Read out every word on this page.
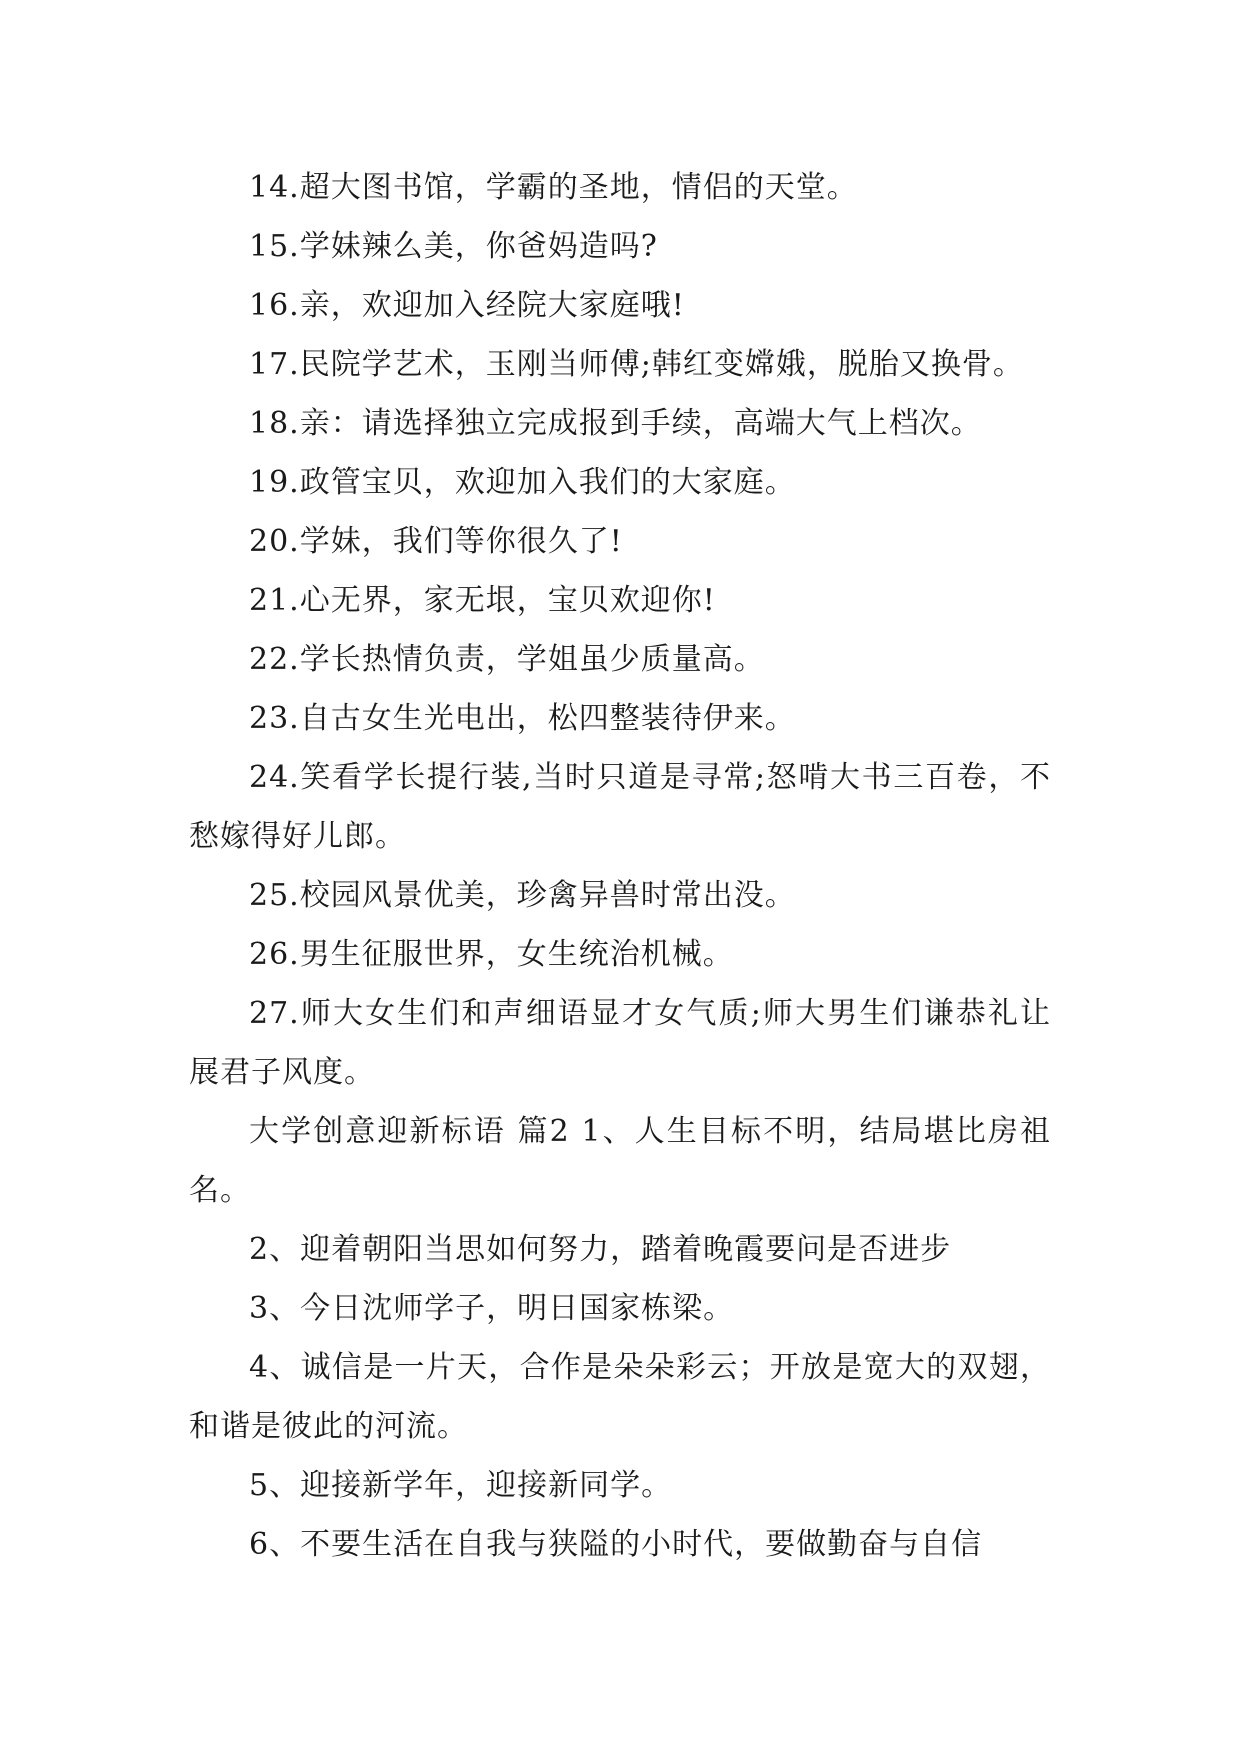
14.超大图书馆，学霸的圣地，情侣的天堂。

15.学妹辣么美，你爸妈造吗?

16.亲，欢迎加入经院大家庭哦!

17.民院学艺术，玉刚当师傅;韩红变嫦娥，脱胎又换骨。

18.亲：请选择独立完成报到手续，高端大气上档次。

19.政管宝贝，欢迎加入我们的大家庭。

20.学妹，我们等你很久了!

21.心无界，家无垠，宝贝欢迎你!

22.学长热情负责，学姐虽少质量高。

23.自古女生光电出，松四整装待伊来。

24.笑看学长提行装,当时只道是寻常;怒啃大书三百卷，不愁嫁得好儿郎。

25.校园风景优美，珍禽异兽时常出没。

26.男生征服世界，女生统治机械。

27.师大女生们和声细语显才女气质;师大男生们谦恭礼让展君子风度。

大学创意迎新标语 篇2 1、人生目标不明，结局堪比房祖名。

2、迎着朝阳当思如何努力，踏着晚霞要问是否进步

3、今日沈师学子，明日国家栋梁。

4、诚信是一片天，合作是朵朵彩云；开放是宽大的双翅，和谐是彼此的河流。

5、迎接新学年，迎接新同学。

6、不要生活在自我与狭隘的小时代，要做勤奋与自信
